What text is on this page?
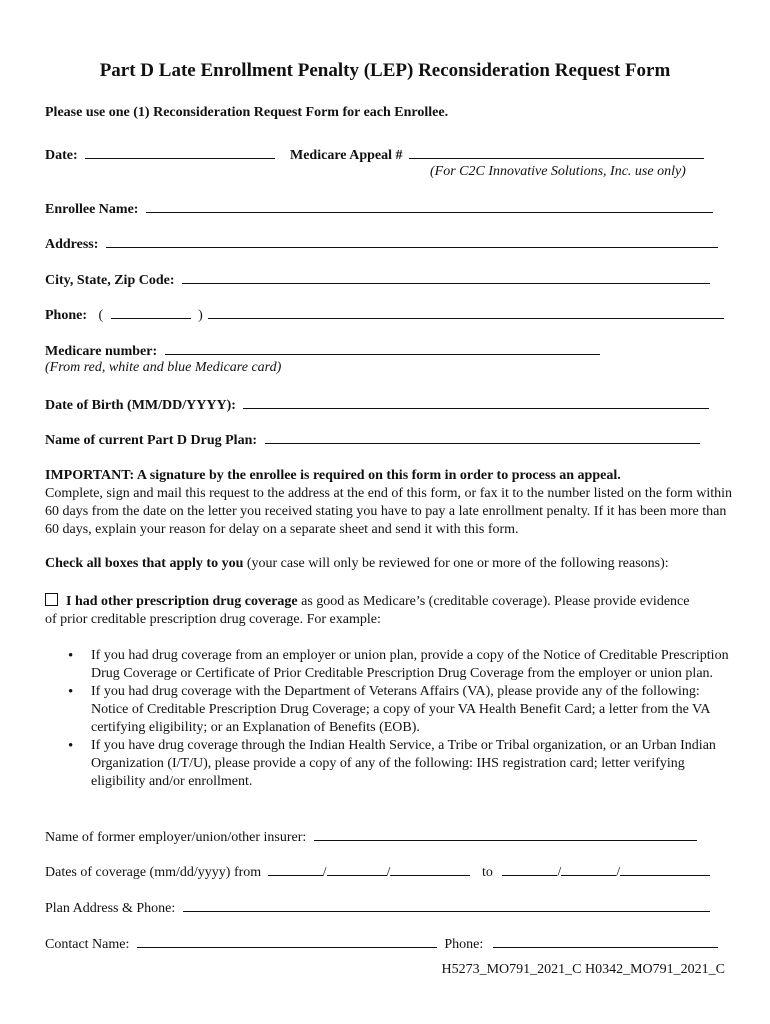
Part D Late Enrollment Penalty (LEP) Reconsideration Request Form
Please use one (1) Reconsideration Request Form for each Enrollee.
Date:	Medicare Appeal #
(For C2C Innovative Solutions, Inc. use only)
Enrollee Name:
Address:
City, State, Zip Code:
Phone: (	)
Medicare number:
(From red, white and blue Medicare card)
Date of Birth (MM/DD/YYYY):
Name of current Part D Drug Plan:
IMPORTANT: A signature by the enrollee is required on this form in order to process an appeal.
Complete, sign and mail this request to the address at the end of this form, or fax it to the number listed on the form within 60 days from the date on the letter you received stating you have to pay a late enrollment penalty. If it has been more than 60 days, explain your reason for delay on a separate sheet and send it with this form.
Check all boxes that apply to you (your case will only be reviewed for one or more of the following reasons):
I had other prescription drug coverage as good as Medicare’s (creditable coverage). Please provide evidence of prior creditable prescription drug coverage. For example:
• If you had drug coverage from an employer or union plan, provide a copy of the Notice of Creditable Prescription Drug Coverage or Certificate of Prior Creditable Prescription Drug Coverage from the employer or union plan.
• If you had drug coverage with the Department of Veterans Affairs (VA), please provide any of the following: Notice of Creditable Prescription Drug Coverage; a copy of your VA Health Benefit Card; a letter from the VA certifying eligibility; or an Explanation of Benefits (EOB).
• If you have drug coverage through the Indian Health Service, a Tribe or Tribal organization, or an Urban Indian Organization (I/T/U), please provide a copy of any of the following: IHS registration card; letter verifying eligibility and/or enrollment.
Name of former employer/union/other insurer:
Dates of coverage (mm/dd/yyyy) from	/	/	to	/	/
Plan Address & Phone:
Contact Name:	Phone:
H5273_MO791_2021_C H0342_MO791_2021_C
